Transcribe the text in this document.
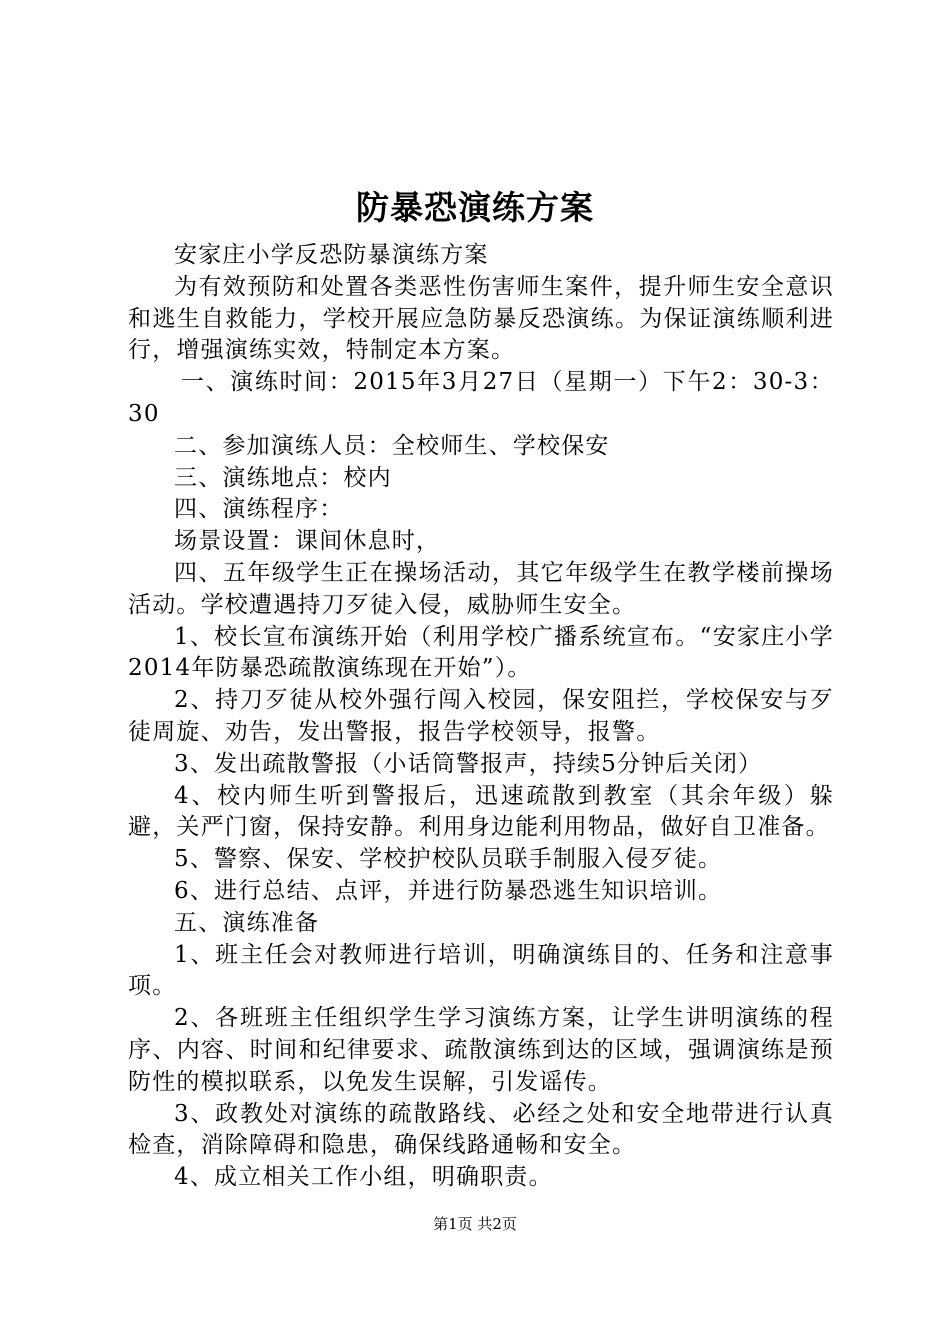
防暴恐演练方案

安家庄小学反恐防暴演练方案

为有效预防和处置各类恶性伤害师生案件，提升师生安全意识和逃生自救能力，学校开展应急防暴反恐演练。为保证演练顺利进行，增强演练实效，特制定本方案。

一、演练时间：2015年3月27日（星期一）下午2：30-3：30

二、参加演练人员：全校师生、学校保安

三、演练地点：校内

四、演练程序：

场景设置：课间休息时，

四、五年级学生正在操场活动，其它年级学生在教学楼前操场活动。学校遭遇持刀歹徒入侵，威胁师生安全。

1、校长宣布演练开始（利用学校广播系统宣布。“安家庄小学2014年防暴恐疏散演练现在开始”）。

2、持刀歹徒从校外强行闯入校园，保安阻拦，学校保安与歹徒周旋、劝告，发出警报，报告学校领导，报警。

3、发出疏散警报（小话筒警报声，持续5分钟后关闭）

4、校内师生听到警报后，迅速疏散到教室（其余年级）躲避，关严门窗，保持安静。利用身边能利用物品，做好自卫准备。

5、警察、保安、学校护校队员联手制服入侵歹徒。

6、进行总结、点评，并进行防暴恐逃生知识培训。

五、演练准备

1、班主任会对教师进行培训，明确演练目的、任务和注意事项。

2、各班班主任组织学生学习演练方案，让学生讲明演练的程序、内容、时间和纪律要求、疏散演练到达的区域，强调演练是预防性的模拟联系，以免发生误解，引发谣传。

3、政教处对演练的疏散路线、必经之处和安全地带进行认真检查，消除障碍和隐患，确保线路通畅和安全。

4、成立相关工作小组，明确职责。

第1页 共2页
